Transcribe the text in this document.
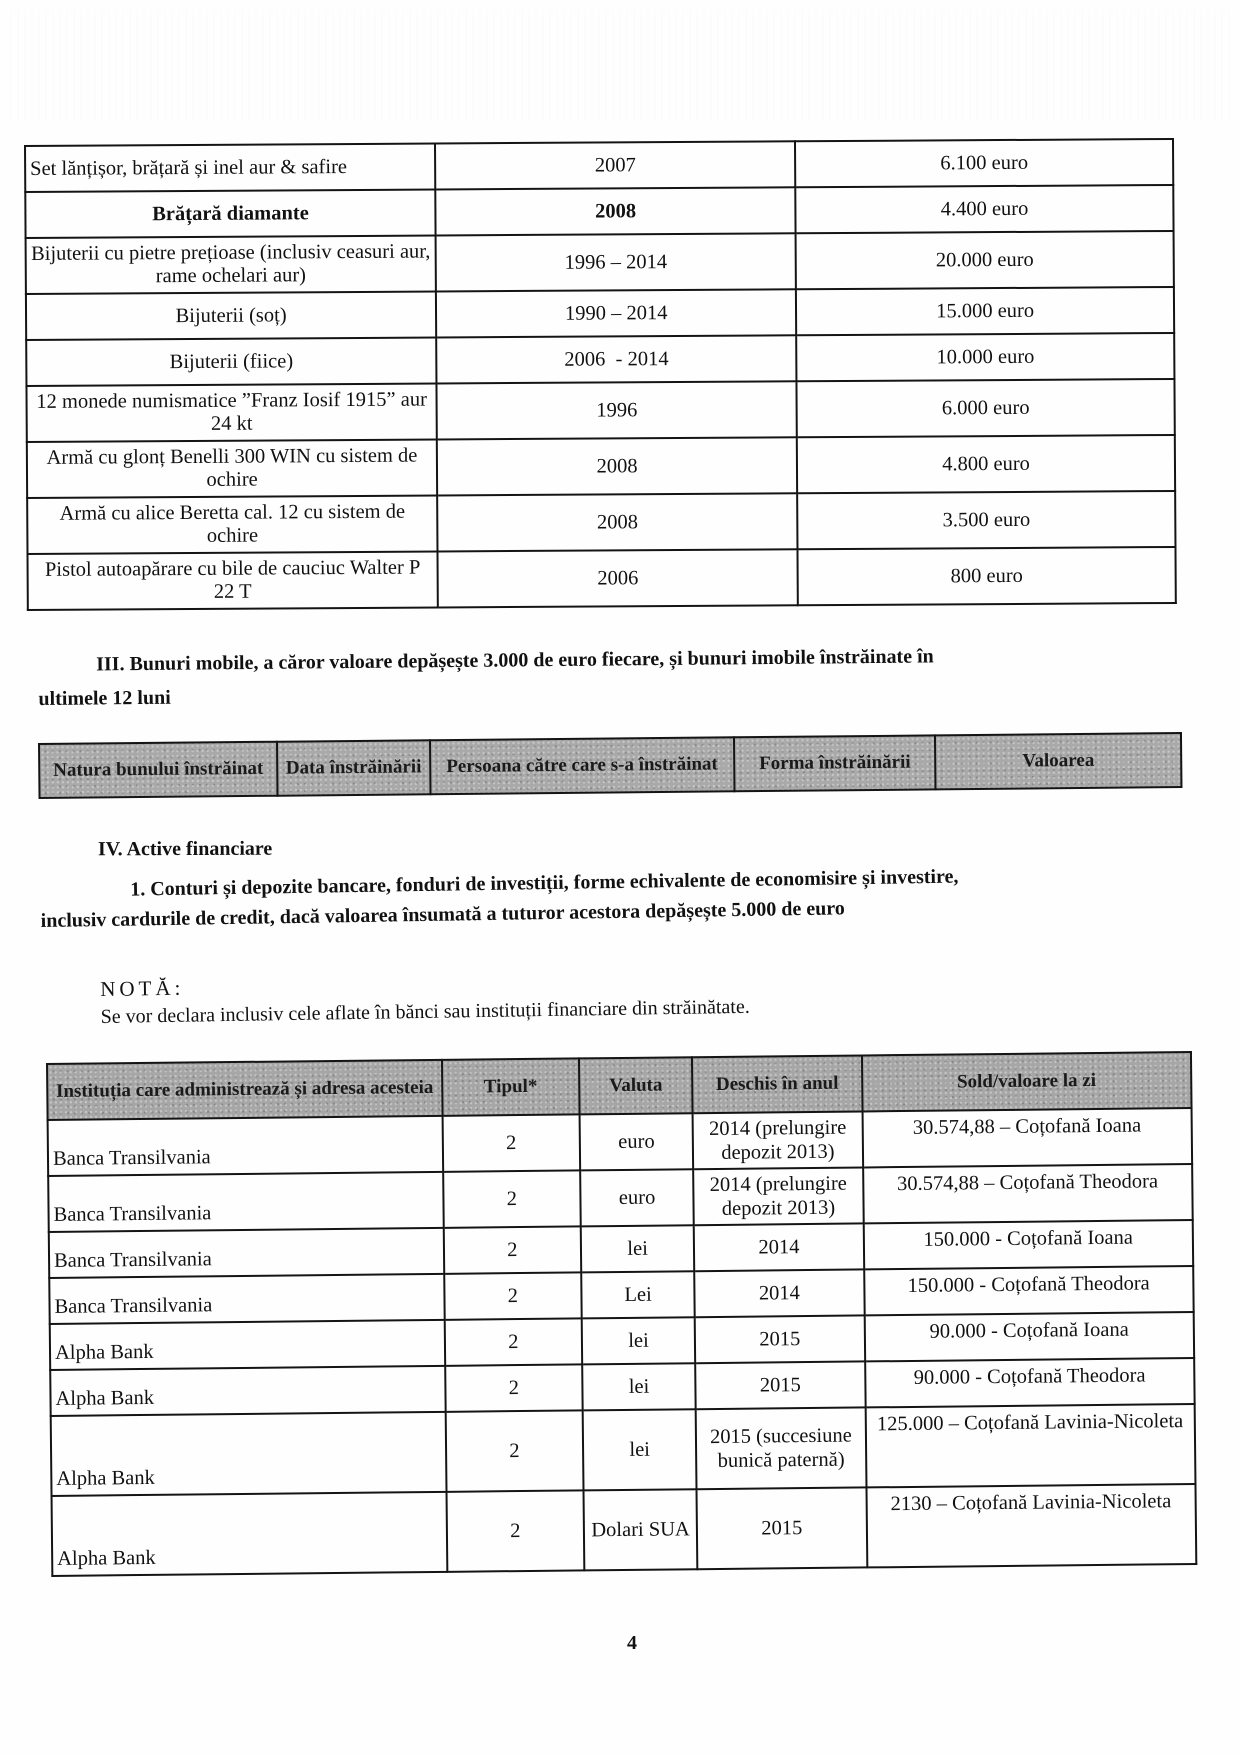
Set lănțișor, brățară și inel aur & safire	2007	6.100 euro
Brățară diamante	2008	4.400 euro
Bijuterii cu pietre prețioase (inclusiv ceasuri aur, rame ochelari aur)	1996 – 2014	20.000 euro
Bijuterii (soț)	1990 – 2014	15.000 euro
Bijuterii (fiice)	2006  - 2014	10.000 euro
12 monede numismatice ”Franz Iosif 1915” aur 24 kt	1996	6.000 euro
Armă cu glonț Benelli 300 WIN cu sistem de ochire	2008	4.800 euro
Armă cu alice Beretta cal. 12 cu sistem de ochire	2008	3.500 euro
Pistol autoapărare cu bile de cauciuc Walter P 22 T	2006	800 euro
III. Bunuri mobile, a căror valoare depășește 3.000 de euro fiecare, și bunuri imobile înstrăinate în
ultimele 12 luni
Natura bunului înstrăinat	Data înstrăinării	Persoana către care s-a înstrăinat	Forma înstrăinării	Valoarea
IV. Active financiare
1. Conturi și depozite bancare, fonduri de investiții, forme echivalente de economisire și investire,
inclusiv cardurile de credit, dacă valoarea însumată a tuturor acestora depășește 5.000 de euro
NOTĂ:
Se vor declara inclusiv cele aflate în bănci sau instituții financiare din străinătate.
Instituția care administrează și adresa acesteia	Tipul*	Valuta	Deschis în anul	Sold/valoare la zi
Banca Transilvania	2	euro	2014 (prelungire depozit 2013)	30.574,88 – Coțofană Ioana
Banca Transilvania	2	euro	2014 (prelungire depozit 2013)	30.574,88 – Coțofană Theodora
Banca Transilvania	2	lei	2014	150.000 - Coțofană Ioana
Banca Transilvania	2	Lei	2014	150.000 - Coțofană Theodora
Alpha Bank	2	lei	2015	90.000 - Coțofană Ioana
Alpha Bank	2	lei	2015	90.000 - Coțofană Theodora
Alpha Bank	2	lei	2015 (succesiune bunică paternă)	125.000 – Coțofană Lavinia-Nicoleta
Alpha Bank	2	Dolari SUA	2015	2130 – Coțofană Lavinia-Nicoleta
4
